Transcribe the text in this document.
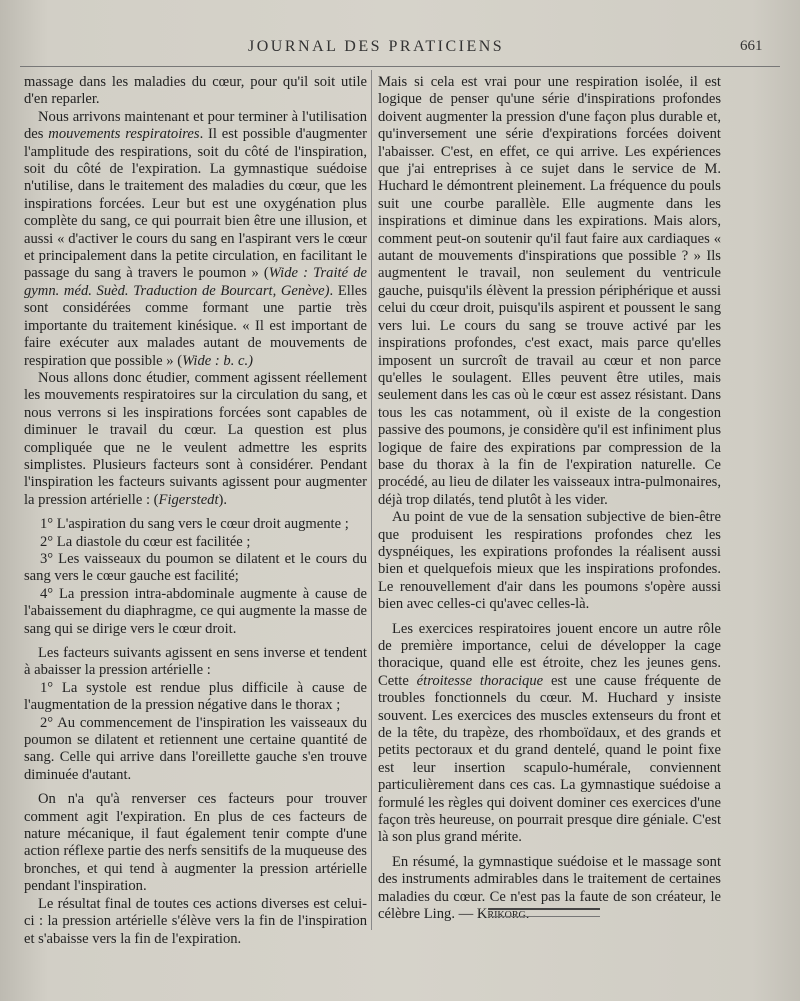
JOURNAL DES PRATICIENS	661

massage dans les maladies du cœur, pour qu'il soit utile d'en reparler.

Nous arrivons maintenant et pour terminer à l'utilisation des mouvements respiratoires. Il est possible d'augmenter l'amplitude des respirations, soit du côté de l'inspiration, soit du côté de l'expiration. La gymnastique suédoise n'utilise, dans le traitement des maladies du cœur, que les inspirations forcées. Leur but est une oxygénation plus complète du sang, ce qui pourrait bien être une illusion, et aussi « d'activer le cours du sang en l'aspirant vers le cœur et principalement dans la petite circulation, en facilitant le passage du sang à travers le poumon » (Wide : Traité de gymn. méd. Suèd. Traduction de Bourcart, Genève). Elles sont considérées comme formant une partie très importante du traitement kinésique. « Il est important de faire exécuter aux malades autant de mouvements de respiration que possible » (Wide : b. c.)

Nous allons donc étudier, comment agissent réellement les mouvements respiratoires sur la circulation du sang, et nous verrons si les inspirations forcées sont capables de diminuer le travail du cœur. La question est plus compliquée que ne le veulent admettre les esprits simplistes. Plusieurs facteurs sont à considérer. Pendant l'inspiration les facteurs suivants agissent pour augmenter la pression artérielle : (Figerstedt).

1° L'aspiration du sang vers le cœur droit augmente ;

2° La diastole du cœur est facilitée ;

3° Les vaisseaux du poumon se dilatent et le cours du sang vers le cœur gauche est facilité;

4° La pression intra-abdominale augmente à cause de l'abaissement du diaphragme, ce qui augmente la masse de sang qui se dirige vers le cœur droit.

Les facteurs suivants agissent en sens inverse et tendent à abaisser la pression artérielle :

1° La systole est rendue plus difficile à cause de l'augmentation de la pression négative dans le thorax ;

2° Au commencement de l'inspiration les vaisseaux du poumon se dilatent et retiennent une certaine quantité de sang. Celle qui arrive dans l'oreillette gauche s'en trouve diminuée d'autant.

On n'a qu'à renverser ces facteurs pour trouver comment agit l'expiration. En plus de ces facteurs de nature mécanique, il faut également tenir compte d'une action réflexe partie des nerfs sensitifs de la muqueuse des bronches, et qui tend à augmenter la pression artérielle pendant l'inspiration.

Le résultat final de toutes ces actions diverses est celui-ci : la pression artérielle s'élève vers la fin de l'inspiration et s'abaisse vers la fin de l'expiration.

Mais si cela est vrai pour une respiration isolée, il est logique de penser qu'une série d'inspirations profondes doivent augmenter la pression d'une façon plus durable et, qu'inversement une série d'expirations forcées doivent l'abaisser. C'est, en effet, ce qui arrive. Les expériences que j'ai entreprises à ce sujet dans le service de M. Huchard le démontrent pleinement. La fréquence du pouls suit une courbe parallèle. Elle augmente dans les inspirations et diminue dans les expirations. Mais alors, comment peut-on soutenir qu'il faut faire aux cardiaques « autant de mouvements d'inspirations que possible ? » Ils augmentent le travail, non seulement du ventricule gauche, puisqu'ils élèvent la pression périphérique et aussi celui du cœur droit, puisqu'ils aspirent et poussent le sang vers lui. Le cours du sang se trouve activé par les inspirations profondes, c'est exact, mais parce qu'elles imposent un surcroît de travail au cœur et non parce qu'elles le soulagent. Elles peuvent être utiles, mais seulement dans les cas où le cœur est assez résistant. Dans tous les cas notamment, où il existe de la congestion passive des poumons, je considère qu'il est infiniment plus logique de faire des expirations par compression de la base du thorax à la fin de l'expiration naturelle. Ce procédé, au lieu de dilater les vaisseaux intra-pulmonaires, déjà trop dilatés, tend plutôt à les vider.

Au point de vue de la sensation subjective de bien-être que produisent les respirations profondes chez les dyspnéiques, les expirations profondes la réalisent aussi bien et quelquefois mieux que les inspirations profondes. Le renouvellement d'air dans les poumons s'opère aussi bien avec celles-ci qu'avec celles-là.

Les exercices respiratoires jouent encore un autre rôle de première importance, celui de développer la cage thoracique, quand elle est étroite, chez les jeunes gens. Cette étroitesse thoracique est une cause fréquente de troubles fonctionnels du cœur. M. Huchard y insiste souvent. Les exercices des muscles extenseurs du front et de la tête, du trapèze, des rhomboïdaux, et des grands et petits pectoraux et du grand dentelé, quand le point fixe est leur insertion scapulo-humérale, conviennent particulièrement dans ces cas. La gymnastique suédoise a formulé les règles qui doivent dominer ces exercices d'une façon très heureuse, on pourrait presque dire géniale. C'est là son plus grand mérite.

En résumé, la gymnastique suédoise et le massage sont des instruments admirables dans le traitement de certaines maladies du cœur. Ce n'est pas la faute de son créateur, le célèbre Ling. — Krikorg.
